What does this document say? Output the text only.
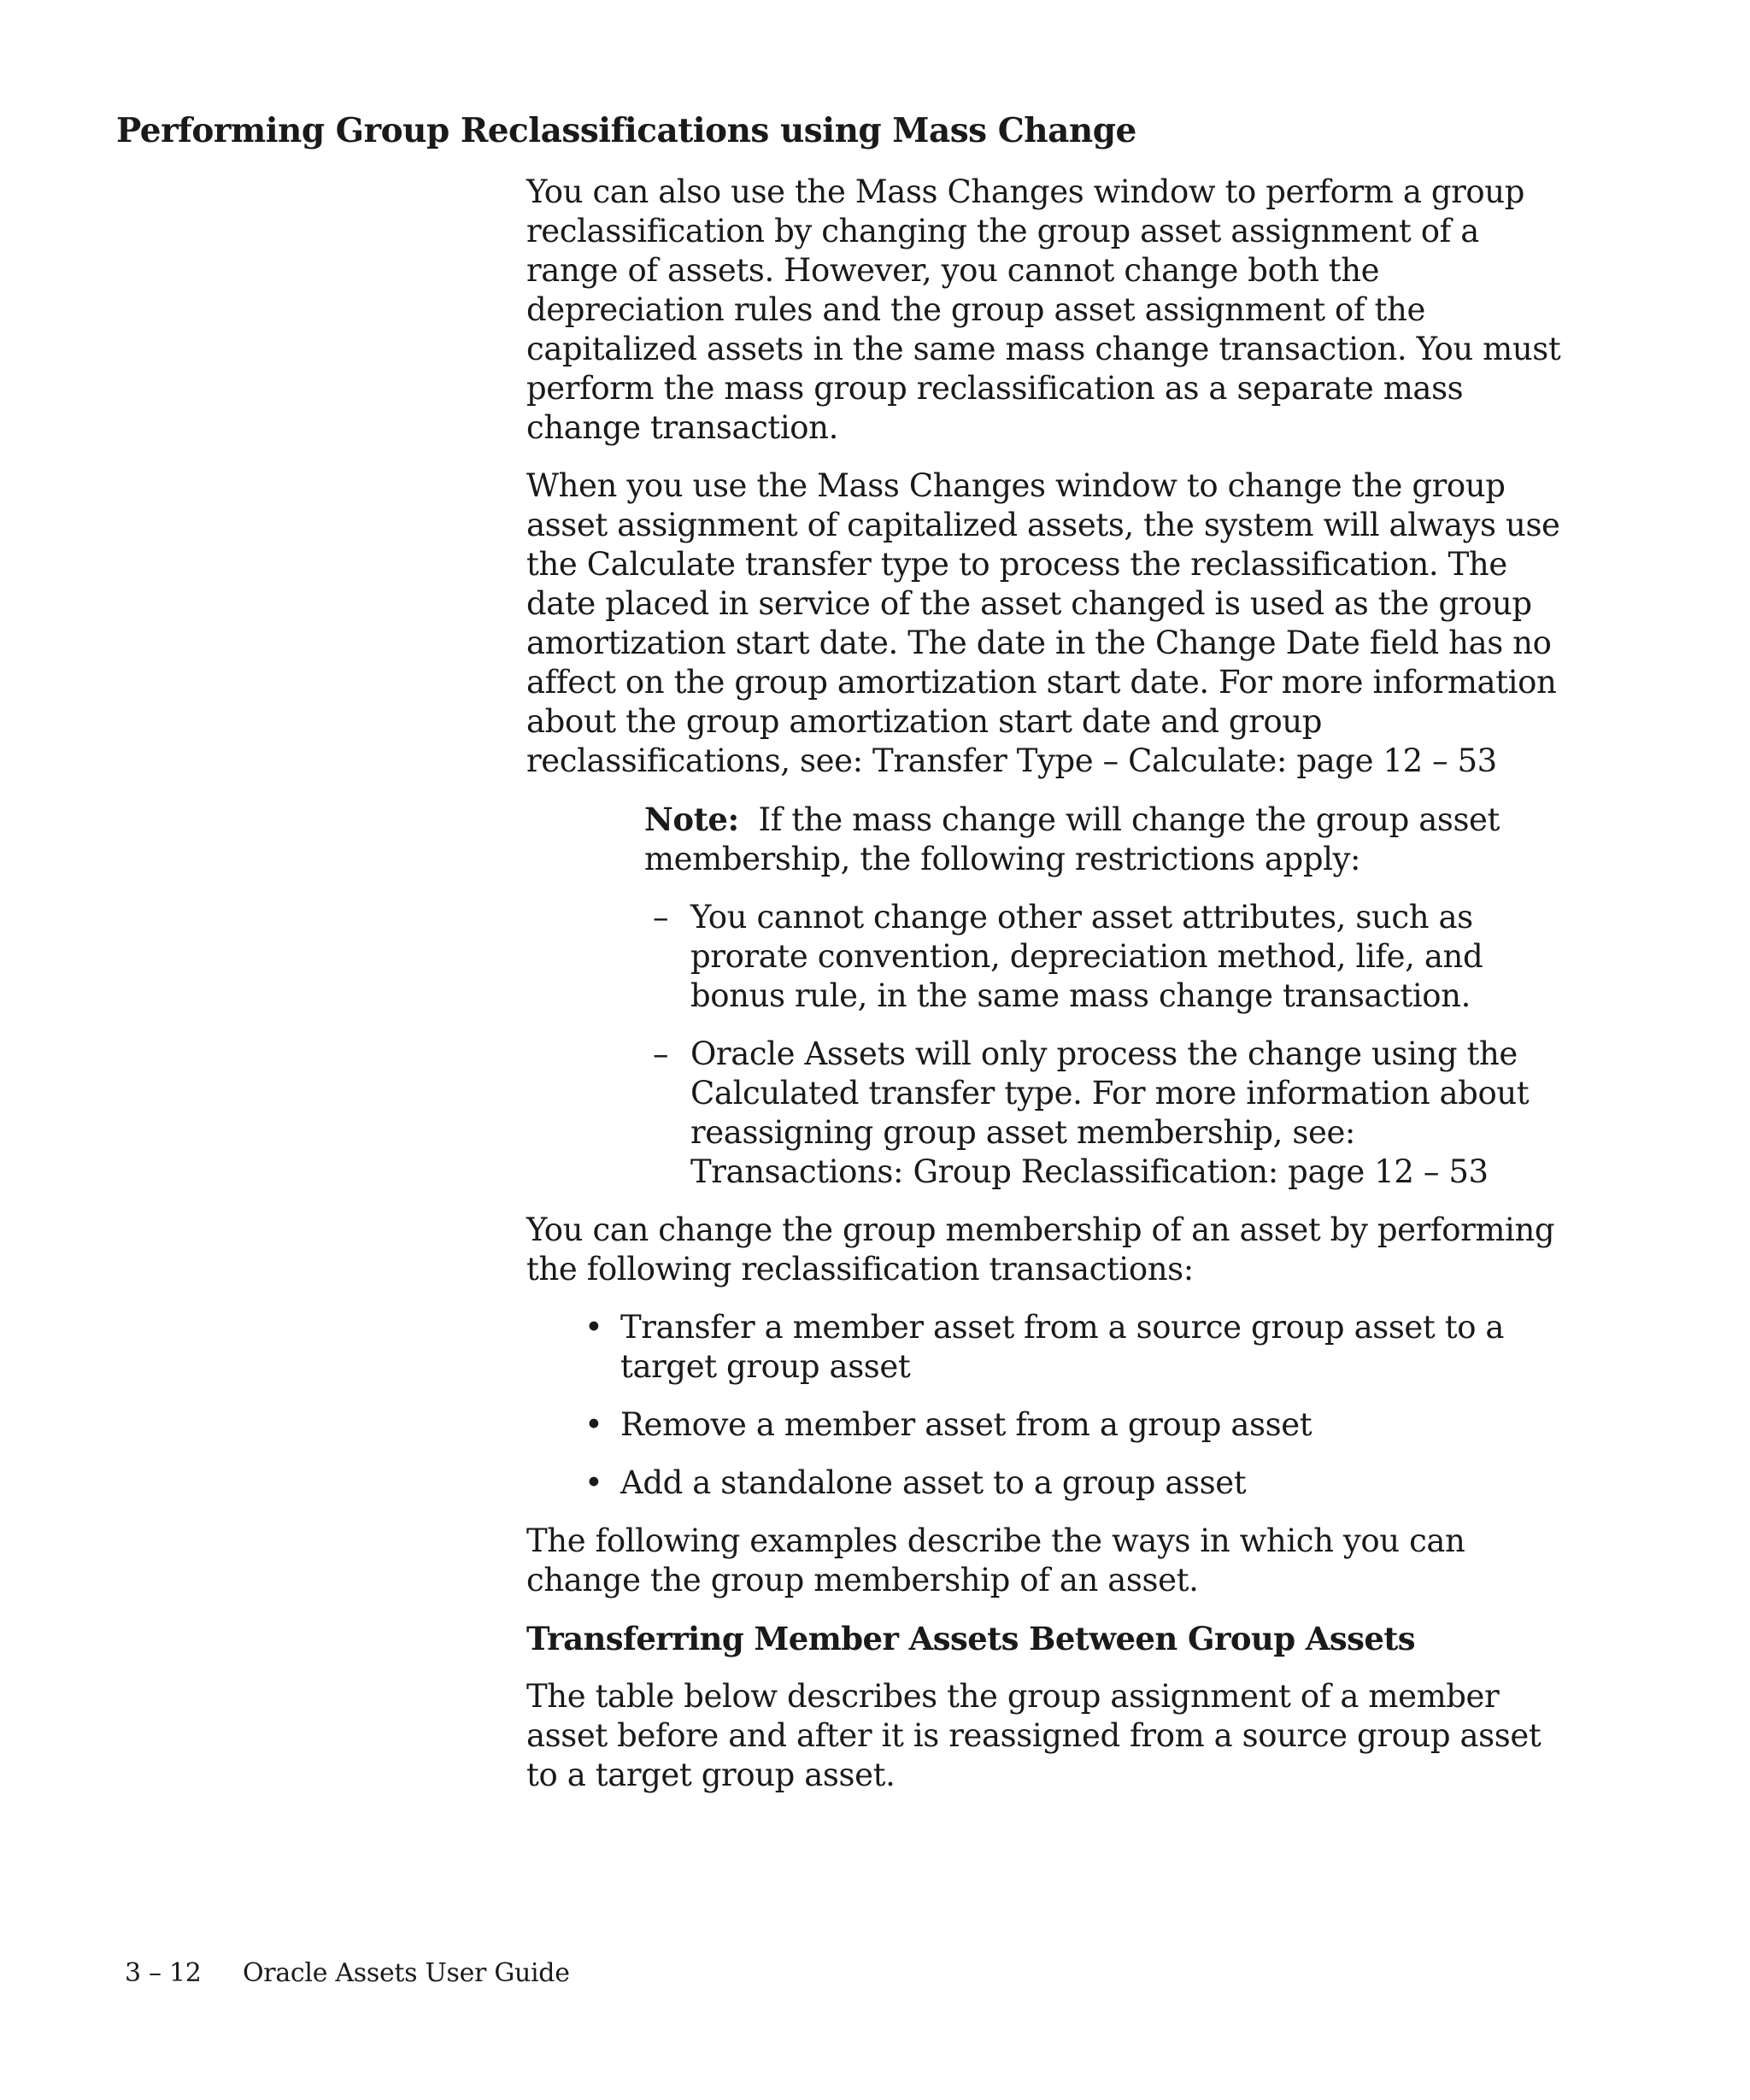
Performing Group Reclassifications using Mass Change

You can also use the Mass Changes window to perform a group reclassification by changing the group asset assignment of a range of assets. However, you cannot change both the depreciation rules and the group asset assignment of the capitalized assets in the same mass change transaction. You must perform the mass group reclassification as a separate mass change transaction.

When you use the Mass Changes window to change the group asset assignment of capitalized assets, the system will always use the Calculate transfer type to process the reclassification. The date placed in service of the asset changed is used as the group amortization start date. The date in the Change Date field has no affect on the group amortization start date. For more information about the group amortization start date and group reclassifications, see: Transfer Type – Calculate: page 12 – 53

Note: If the mass change will change the group asset membership, the following restrictions apply:
– You cannot change other asset attributes, such as prorate convention, depreciation method, life, and bonus rule, in the same mass change transaction.
– Oracle Assets will only process the change using the Calculated transfer type. For more information about reassigning group asset membership, see: Transactions: Group Reclassification: page 12 – 53

You can change the group membership of an asset by performing the following reclassification transactions:

• Transfer a member asset from a source group asset to a target group asset
• Remove a member asset from a group asset
• Add a standalone asset to a group asset

The following examples describe the ways in which you can change the group membership of an asset.

Transferring Member Assets Between Group Assets

The table below describes the group assignment of a member asset before and after it is reassigned from a source group asset to a target group asset.

3 – 12 Oracle Assets User Guide
